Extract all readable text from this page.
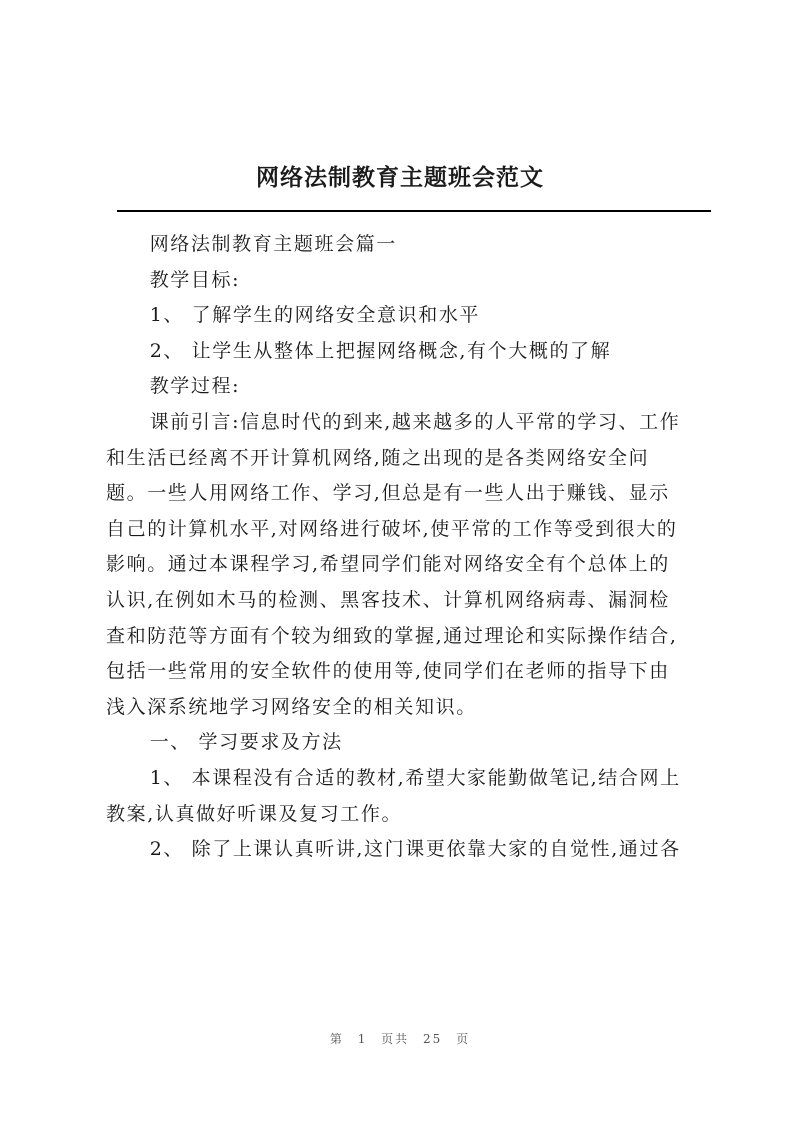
网络法制教育主题班会范文

网络法制教育主题班会篇一

教学目标:

1、 了解学生的网络安全意识和水平

2、 让学生从整体上把握网络概念,有个大概的了解

教学过程:

课前引言:信息时代的到来,越来越多的人平常的学习、工作
和生活已经离不开计算机网络,随之出现的是各类网络安全问
题。一些人用网络工作、学习,但总是有一些人出于赚钱、显示
自己的计算机水平,对网络进行破坏,使平常的工作等受到很大的
影响。通过本课程学习,希望同学们能对网络安全有个总体上的
认识,在例如木马的检测、黑客技术、计算机网络病毒、漏洞检
查和防范等方面有个较为细致的掌握,通过理论和实际操作结合,
包括一些常用的安全软件的使用等,使同学们在老师的指导下由
浅入深系统地学习网络安全的相关知识。

一、 学习要求及方法

1、 本课程没有合适的教材,希望大家能勤做笔记,结合网上
教案,认真做好听课及复习工作。

2、 除了上课认真听讲,这门课更依靠大家的自觉性,通过各

第 1 页共 25 页
